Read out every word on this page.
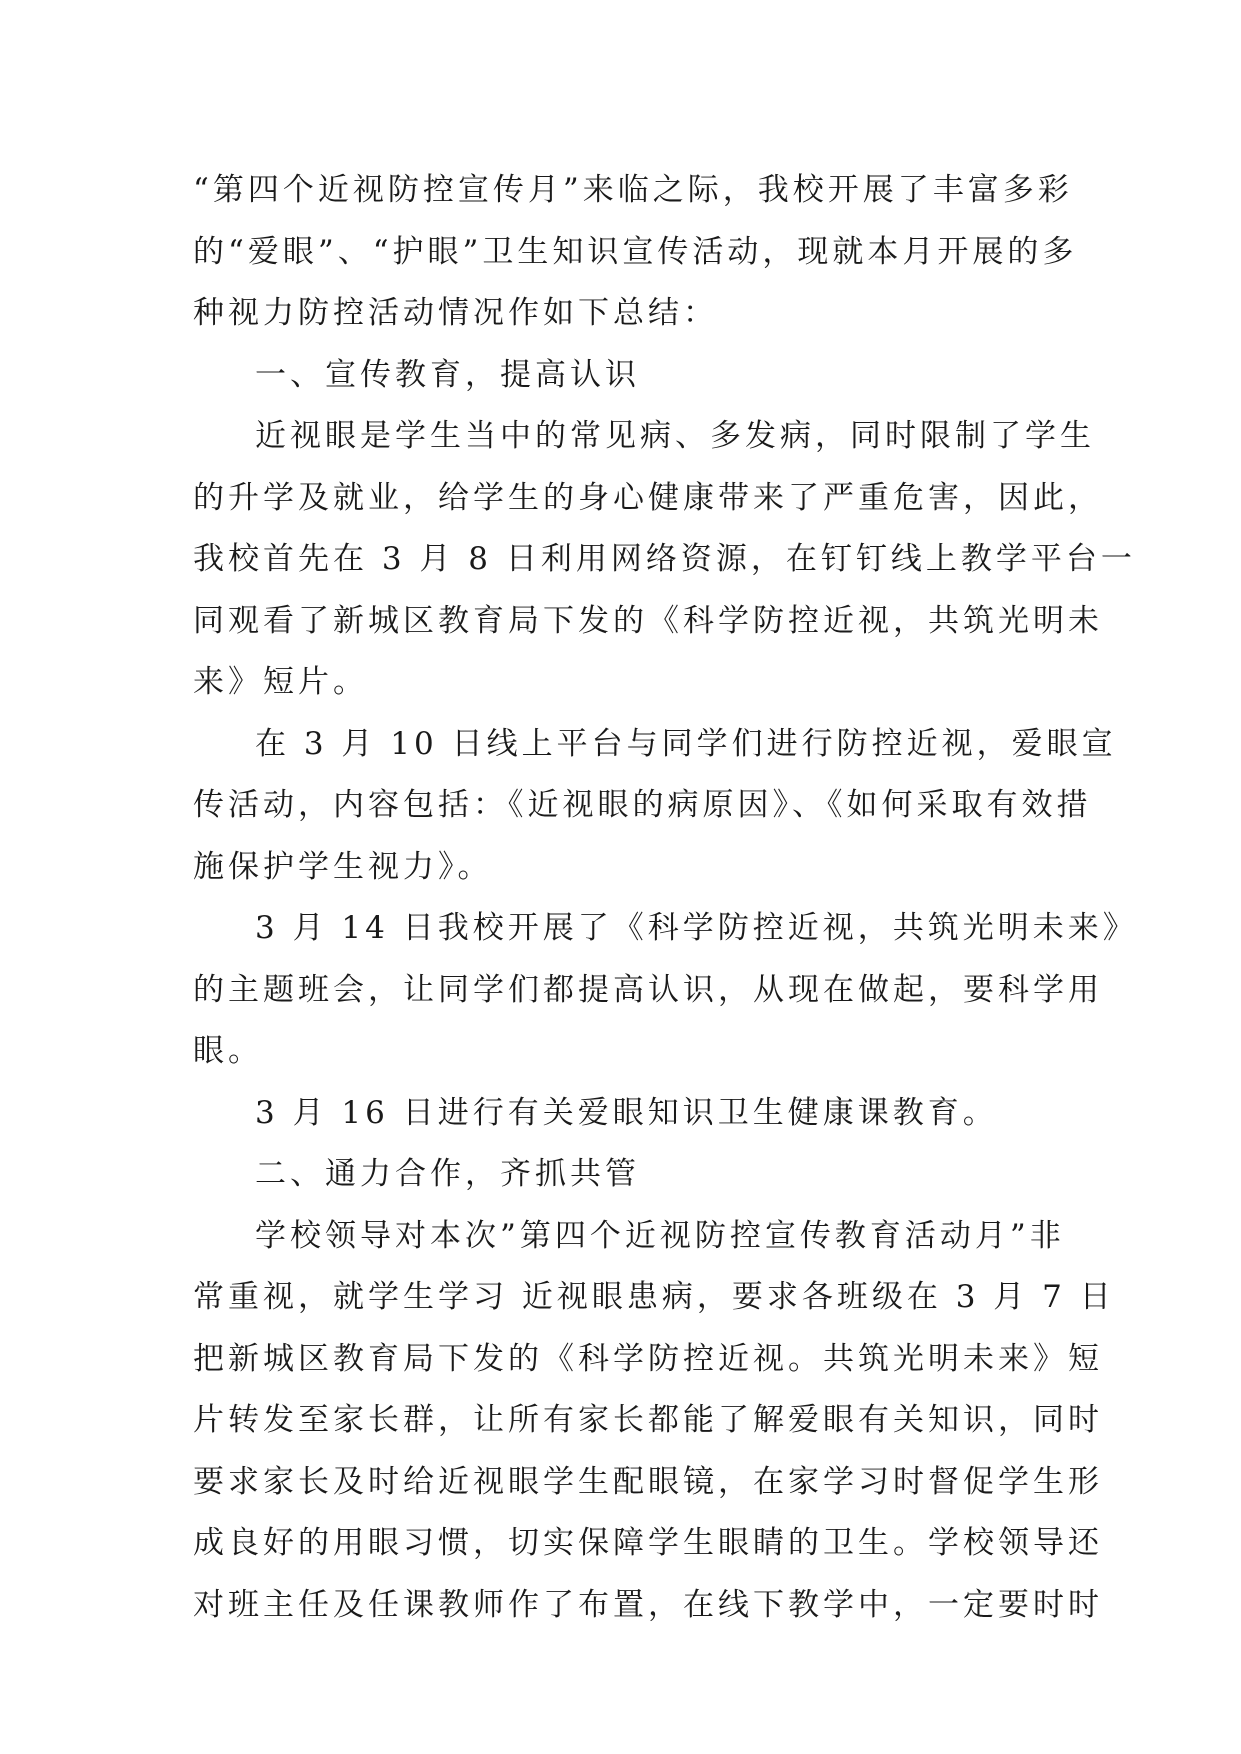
“第四个近视防控宣传月”来临之际，我校开展了丰富多彩
的“爱眼”、“护眼”卫生知识宣传活动，现就本月开展的多
种视力防控活动情况作如下总结：
一、宣传教育，提高认识
近视眼是学生当中的常见病、多发病，同时限制了学生
的升学及就业，给学生的身心健康带来了严重危害，因此，
我校首先在 3 月 8 日利用网络资源，在钉钉线上教学平台一
同观看了新城区教育局下发的《科学防控近视，共筑光明未
来》短片。
在 3 月 10 日线上平台与同学们进行防控近视，爱眼宣
传活动，内容包括：《近视眼的病原因》、《如何采取有效措
施保护学生视力》。
3 月 14 日我校开展了《科学防控近视，共筑光明未来》
的主题班会，让同学们都提高认识，从现在做起，要科学用
眼。
3 月 16 日进行有关爱眼知识卫生健康课教育。
二、通力合作，齐抓共管
学校领导对本次”第四个近视防控宣传教育活动月”非
常重视，就学生学习 近视眼患病，要求各班级在 3 月 7 日
把新城区教育局下发的《科学防控近视。共筑光明未来》短
片转发至家长群，让所有家长都能了解爱眼有关知识，同时
要求家长及时给近视眼学生配眼镜，在家学习时督促学生形
成良好的用眼习惯，切实保障学生眼睛的卫生。学校领导还
对班主任及任课教师作了布置，在线下教学中，一定要时时
